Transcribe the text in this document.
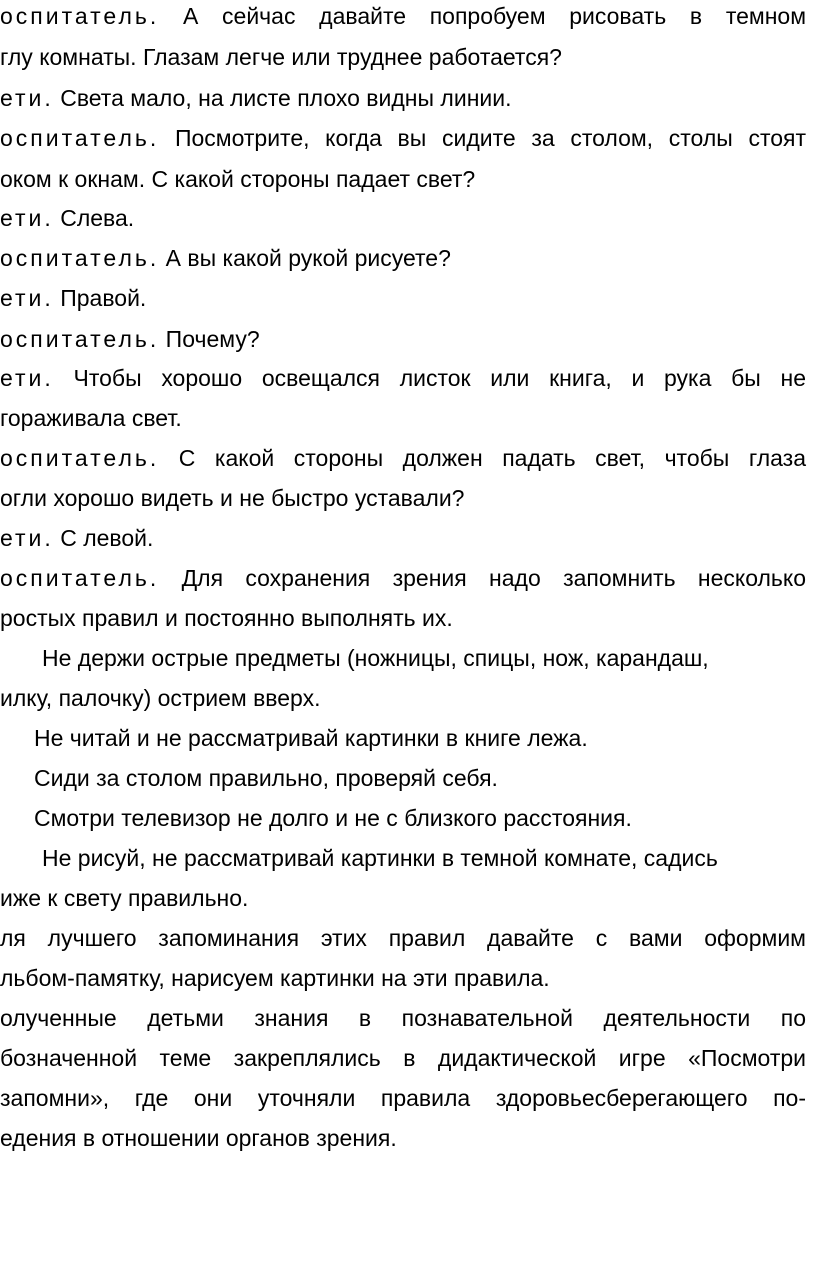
оспитатель. А сейчас давайте попробуем рисовать в темном
глу комнаты. Глазам легче или труднее работается?
ети. Света мало, на листе плохо видны линии.
оспитатель. Посмотрите, когда вы сидите за столом, столы стоят
оком к окнам. С какой стороны падает свет?
ети. Слева.
оспитатель. А вы какой рукой рисуете?
ети. Правой.
оспитатель. Почему?
ети. Чтобы хорошо освещался листок или книга, и рука бы не
гораживала свет.
оспитатель. С какой стороны должен падать свет, чтобы глаза
огли хорошо видеть и не быстро уставали?
ети. С левой.
оспитатель. Для сохранения зрения надо запомнить несколько
ростых правил и постоянно выполнять их.
Не держи острые предметы (ножницы, спицы, нож, карандаш,
илку, палочку) острием вверх.
Не читай и не рассматривай картинки в книге лежа.
Сиди за столом правильно, проверяй себя.
Смотри телевизор не долго и не с близкого расстояния.
Не рисуй, не рассматривай картинки в темной комнате, садись
иже к свету правильно.
ля лучшего запоминания этих правил давайте с вами оформим
льбом-памятку, нарисуем картинки на эти правила.
олученные детьми знания в познавательной деятельности по
бозначенной теме закреплялись в дидактической игре «Посмотри
запомни», где они уточняли правила здоровьесберегающего по-
едения в отношении органов зрения.
